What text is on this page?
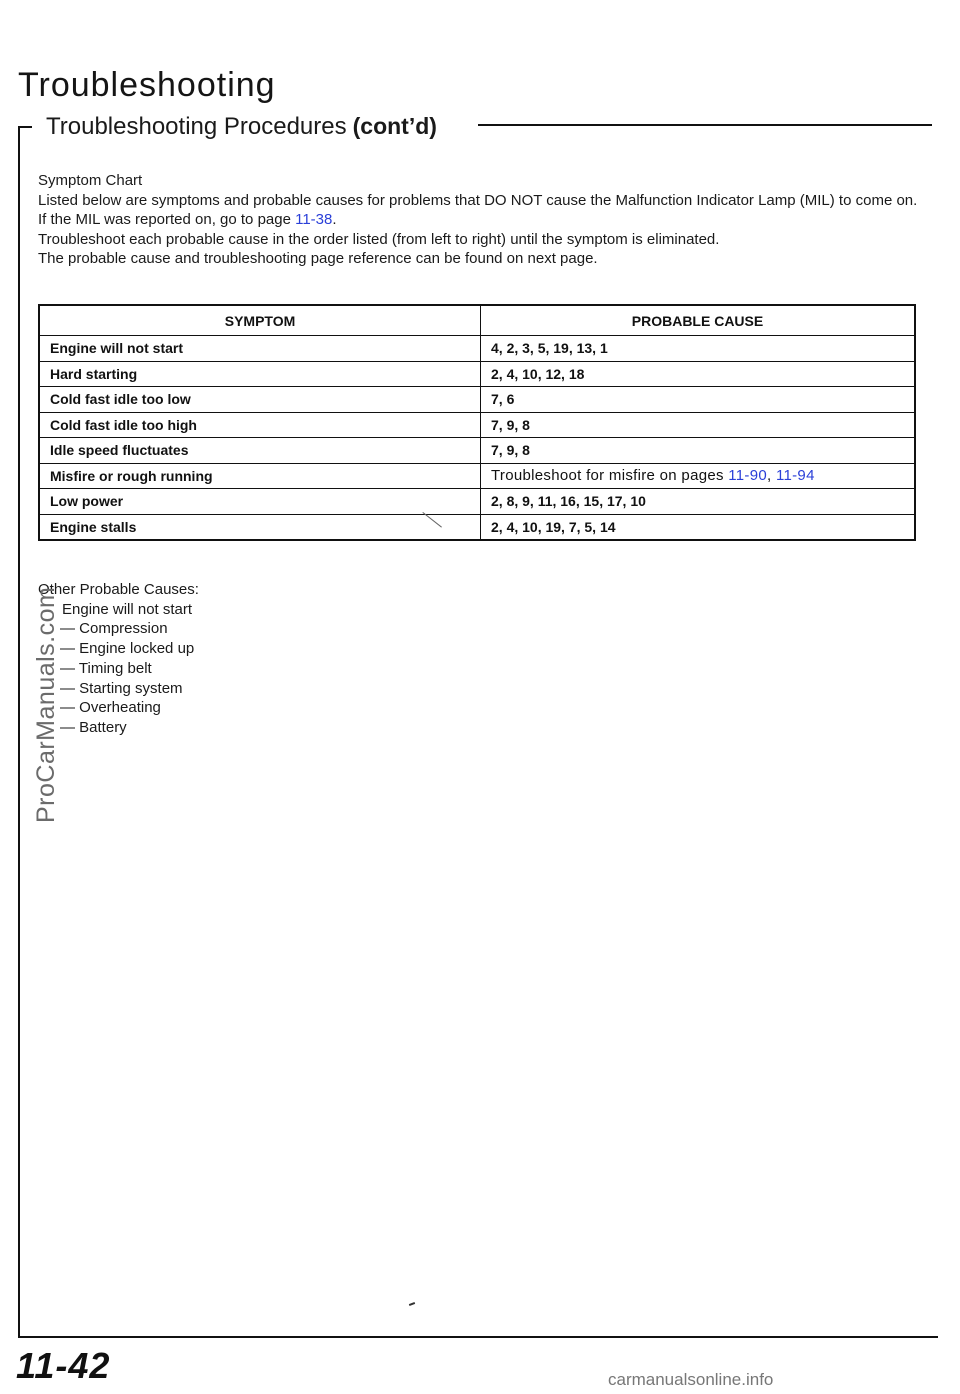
Troubleshooting
Troubleshooting Procedures (cont’d)

Symptom Chart

Listed below are symptoms and probable causes for problems that DO NOT cause the Malfunction Indicator Lamp (MIL) to come on.

If the MIL was reported on, go to page 11-38.

Troubleshoot each probable cause in the order listed (from left to right) until the symptom is eliminated.

The probable cause and troubleshooting page reference can be found on next page.

SYMPTOM	PROBABLE CAUSE
Engine will not start	4, 2, 3, 5, 19, 13, 1
Hard starting	2, 4, 10, 12, 18
Cold fast idle too low	7, 6
Cold fast idle too high	7, 9, 8
Idle speed fluctuates	7, 9, 8
Misfire or rough running	Troubleshoot for misfire on pages 11-90, 11-94
Low power	2, 8, 9, 11, 16, 15, 17, 10
Engine stalls	2, 4, 10, 19, 7, 5, 14
Other Probable Causes:
Engine will not start
— Compression
— Engine locked up
— Timing belt
— Starting system
— Overheating
— Battery
ProCarManuals.com
11-42	carmanualsonline.info
